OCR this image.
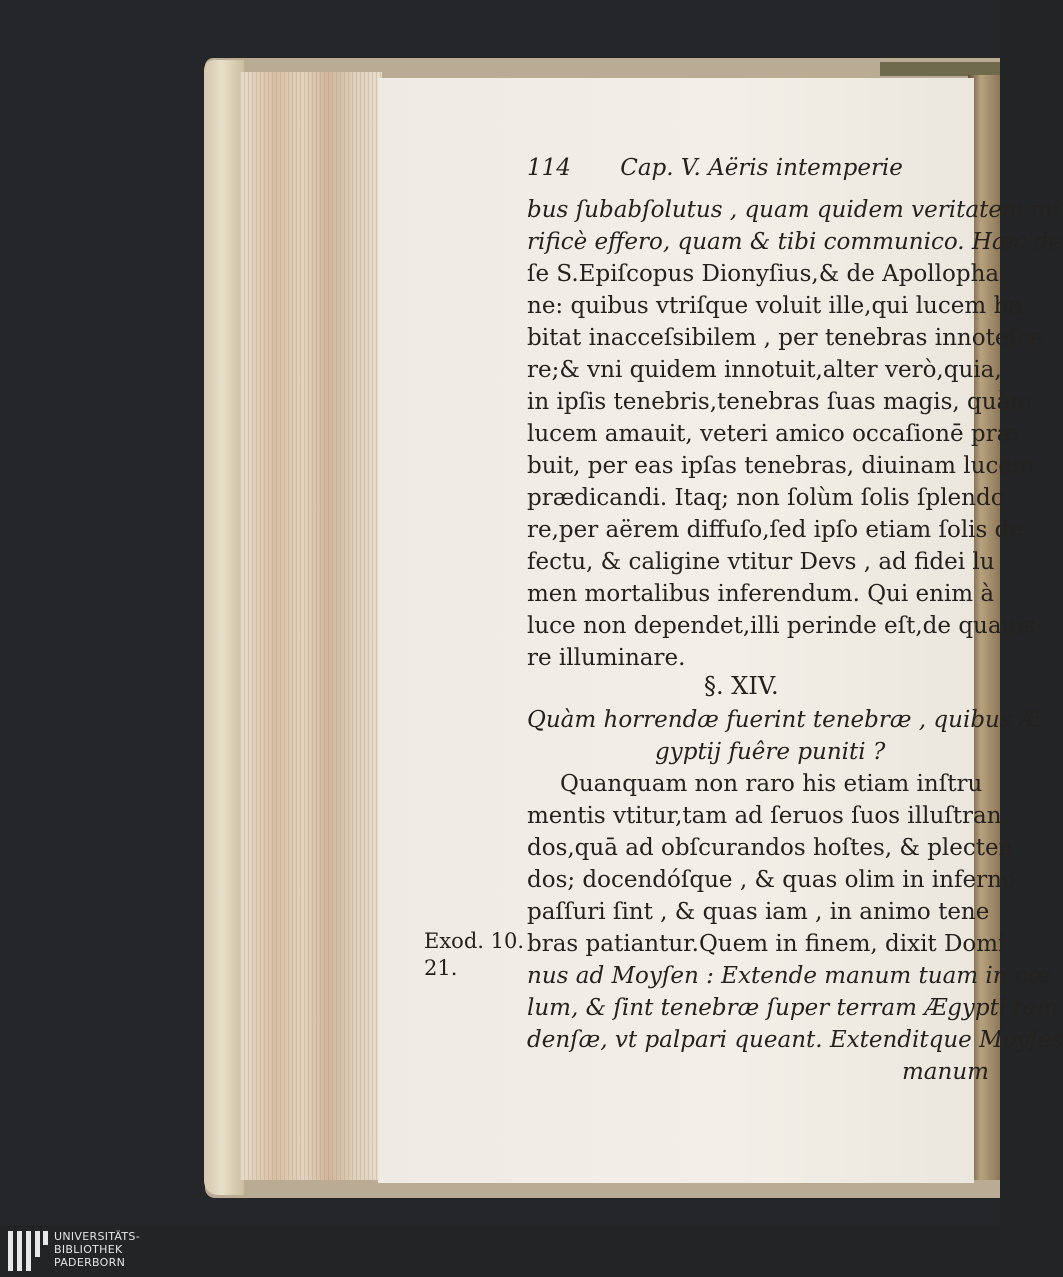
114 Cap. V. Aëris intemperie
bus ſubabſolutus , quam quidem veritatem mi
rificè effero, quam & tibi communico. Hæc de
ſe S.Epiſcopus Dionyſius,& de Apollopha
ne: quibus vtriſque voluit ille,qui lucem ha
bitat inacceſsibilem , per tenebras innoteſce
re;& vni quidem innotuit,alter verò,quia,
in ipſis tenebris,tenebras ſuas magis, quàm
lucem amauit, veteri amico occaſionē præ
buit, per eas ipſas tenebras, diuinam lucem
prædicandi. Itaq; non ſolùm ſolis ſplendo
re,per aërem diffuſo,ſed ipſo etiam ſolis de
fectu, & caligine vtitur Devs , ad fidei lu
men mortalibus inferendum. Qui enim à
luce non dependet,illi perinde eſt,de quauis
re illuminare.
§. XIV.
Quàm horrendæ fuerint tenebræ , quibus Æ
gyptij fuêre puniti ?
Quanquam non raro his etiam inſtru
mentis vtitur,tam ad ſeruos ſuos illuſtran
dos,quā ad obſcurandos hoſtes, & plecten
dos; docendóſque , & quas olim in inferno
paſſuri ſint , & quas iam , in animo tene
bras patiantur.Quem in finem, dixit Domi
nus ad Moyſen : Extende manum tuam in cœ
lum, & ſint tenebræ ſuper terram Ægypti tam
denſæ, vt palpari queant. Extenditque Moyſes
manum
Exod. 10.
21.
UNIVERSITÄTS-
BIBLIOTHEK
PADERBORN
